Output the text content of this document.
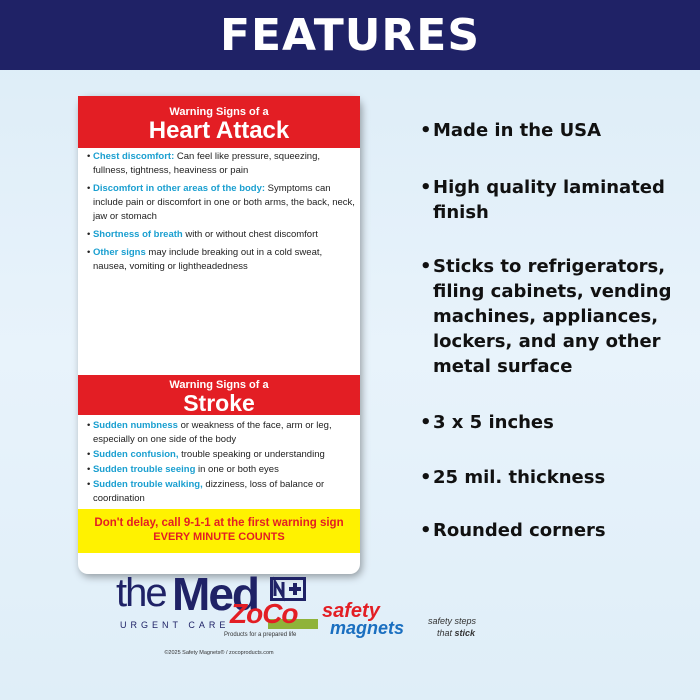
FEATURES
Warning Signs of a
Heart Attack
• Chest discomfort: Can feel like pressure, squeezing, fullness, tightness, heaviness or pain
• Discomfort in other areas of the body: Symptoms can include pain or discomfort in one or both arms, the back, neck, jaw or stomach
• Shortness of breath with or without chest discomfort
• Other signs may include breaking out in a cold sweat, nausea, vomiting or lightheadedness
Warning Signs of a
Stroke
• Sudden numbness or weakness of the face, arm or leg, especially on one side of the body
• Sudden confusion, trouble speaking or understanding
• Sudden trouble seeing in one or both eyes
• Sudden trouble walking, dizziness, loss of balance or coordination
Don't delay, call 9-1-1 at the first warning sign
EVERY MINUTE COUNTS
the Med
URGENT CARE
©2025 Safety Magnets® / zocoproducts.com
•Made in the USA
•High quality laminated finish
•Sticks to refrigerators, filing cabinets, vending machines, appliances, lockers, and any other metal surface
•3 x 5 inches
•25 mil. thickness
•Rounded corners
ZoCo
Products for a prepared life
safety
magnets	safety steps
that stick
